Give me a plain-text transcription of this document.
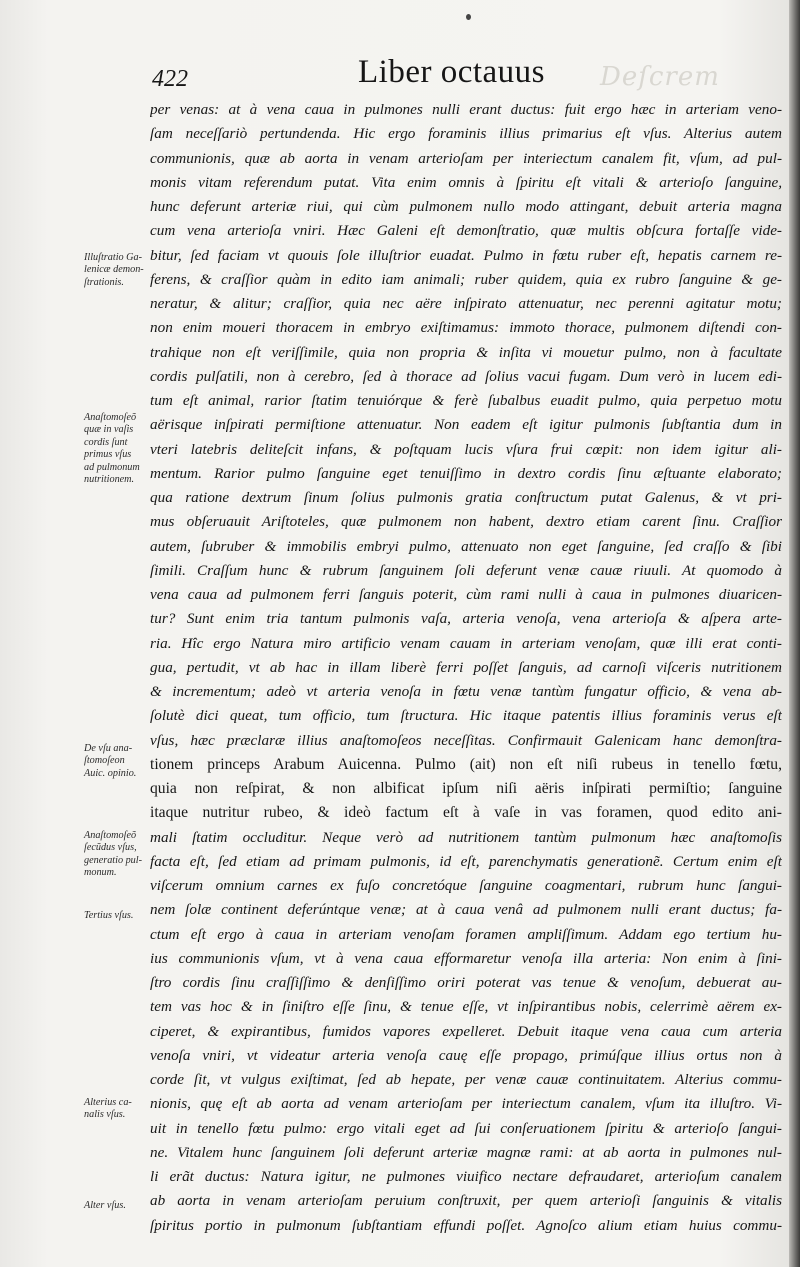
Deſcrem
422	Liber octauus
per venas: at à vena caua in pulmones nulli erant ductus: fuit ergo hæc in arteriam veno-
ſam neceſſariò pertundenda. Hic ergo foraminis illius primarius eſt vſus. Alterius autem
communionis, quæ ab aorta in venam arterioſam per interiectum canalem fit, vſum, ad pul-
monis vitam referendum putat. Vita enim omnis à ſpiritu eſt vitali & arterioſo ſanguine,
hunc deferunt arteriæ riui, qui cùm pulmonem nullo modo attingant, debuit arteria magna
cum vena arterioſa vniri. Hæc Galeni eſt demonſtratio, quæ multis obſcura fortaſſe vide-
bitur, ſed faciam vt quouis ſole illuſtrior euadat. Pulmo in fœtu ruber eſt, hepatis carnem re-
ferens, & craſſior quàm in edito iam animali; ruber quidem, quia ex rubro ſanguine & ge-
neratur, & alitur; craſſior, quia nec aëre inſpirato attenuatur, nec perenni agitatur motu;
non enim moueri thoracem in embryo exiſtimamus: immoto thorace, pulmonem diſtendi con-
trahique non eſt veriſſimile, quia non propria & inſita vi mouetur pulmo, non à facultate
cordis pulſatili, non à cerebro, ſed à thorace ad ſolius vacui fugam. Dum verò in lucem edi-
tum eſt animal, rarior ſtatim tenuiórque & ferè ſubalbus euadit pulmo, quia perpetuo motu
aërisque inſpirati permiſtione attenuatur. Non eadem eſt igitur pulmonis ſubſtantia dum in
vteri latebris deliteſcit infans, & poſtquam lucis vſura frui cœpit: non idem igitur ali-
mentum. Rarior pulmo ſanguine eget tenuiſſimo in dextro cordis ſinu æſtuante elaborato;
qua ratione dextrum ſinum ſolius pulmonis gratia conſtructum putat Galenus, & vt pri-
mus obſeruauit Ariſtoteles, quæ pulmonem non habent, dextro etiam carent ſinu. Craſſior
autem, ſubruber & immobilis embryi pulmo, attenuato non eget ſanguine, ſed craſſo & ſibi
ſimili. Craſſum hunc & rubrum ſanguinem ſoli deferunt venæ cauæ riuuli. At quomodo à
vena caua ad pulmonem ferri ſanguis poterit, cùm rami nulli à caua in pulmones diuaricen-
tur? Sunt enim tria tantum pulmonis vaſa, arteria venoſa, vena arterioſa & aſpera arte-
ria. Hîc ergo Natura miro artificio venam cauam in arteriam venoſam, quæ illi erat conti-
gua, pertudit, vt ab hac in illam liberè ferri poſſet ſanguis, ad carnoſi viſceris nutritionem
& incrementum; adeò vt arteria venoſa in fœtu venæ tantùm fungatur officio, & vena ab-
ſolutè dici queat, tum officio, tum ſtructura. Hic itaque patentis illius foraminis verus eſt
vſus, hæc præclaræ illius anaſtomoſeos neceſſitas. Confirmauit Galenicam hanc demonſtra-
tionem princeps Arabum Auicenna. Pulmo (ait) non eſt niſi rubeus in tenello fœtu,
quia non reſpirat, & non albificat ipſum niſi aëris inſpirati permiſtio; ſanguine
itaque nutritur rubeo, & ideò factum eſt à vaſe in vas foramen, quod edito ani-
mali ſtatim occluditur. Neque verò ad nutritionem tantùm pulmonum hæc anaſtomoſis
facta eſt, ſed etiam ad primam pulmonis, id eſt, parenchymatis generationẽ. Certum enim eſt
viſcerum omnium carnes ex fuſo concretóque ſanguine coagmentari, rubrum hunc ſangui-
nem ſolæ continent deferúntque venæ; at à caua venâ ad pulmonem nulli erant ductus; fa-
ctum eſt ergo à caua in arteriam venoſam foramen ampliſſimum. Addam ego tertium hu-
ius communionis vſum, vt à vena caua efformaretur venoſa illa arteria: Non enim à ſini-
ſtro cordis ſinu craſſiſſimo & denſiſſimo oriri poterat vas tenue & venoſum, debuerat au-
tem vas hoc & in ſiniſtro eſſe ſinu, & tenue eſſe, vt inſpirantibus nobis, celerrimè aërem ex-
ciperet, & expirantibus, fumidos vapores expelleret. Debuit itaque vena caua cum arteria
venoſa vniri, vt videatur arteria venoſa cauę eſſe propago, primúſque illius ortus non à
corde ſit, vt vulgus exiſtimat, ſed ab hepate, per venæ cauæ continuitatem. Alterius commu-
nionis, quę eſt ab aorta ad venam arterioſam per interiectum canalem, vſum ita illuſtro. Vi-
uit in tenello fœtu pulmo: ergo vitali eget ad ſui conſeruationem ſpiritu & arterioſo ſangui-
ne. Vitalem hunc ſanguinem ſoli deferunt arteriæ magnæ rami: at ab aorta in pulmones nul-
li erãt ductus: Natura igitur, ne pulmones viuifico nectare defraudaret, arterioſum canalem
ab aorta in venam arterioſam peruium conſtruxit, per quem arterioſi ſanguinis & vitalis
ſpiritus portio in pulmonum ſubſtantiam effundi poſſet. Agnoſco alium etiam huius commu-
Illuſtratio Ga-
lenicæ demon-
ſtrationis.
Anaſtomoſeõ
quæ in vaſis
cordis ſunt
primus vſus
ad pulmonum
nutritionem.
De vſu ana-
ſtomoſeon
Auic. opinio.
Anaſtomoſeõ
ſecũdus vſus,
generatio pul-
monum.
Tertius vſus.
Alterius ca-
nalis vſus.
Alter vſus.
